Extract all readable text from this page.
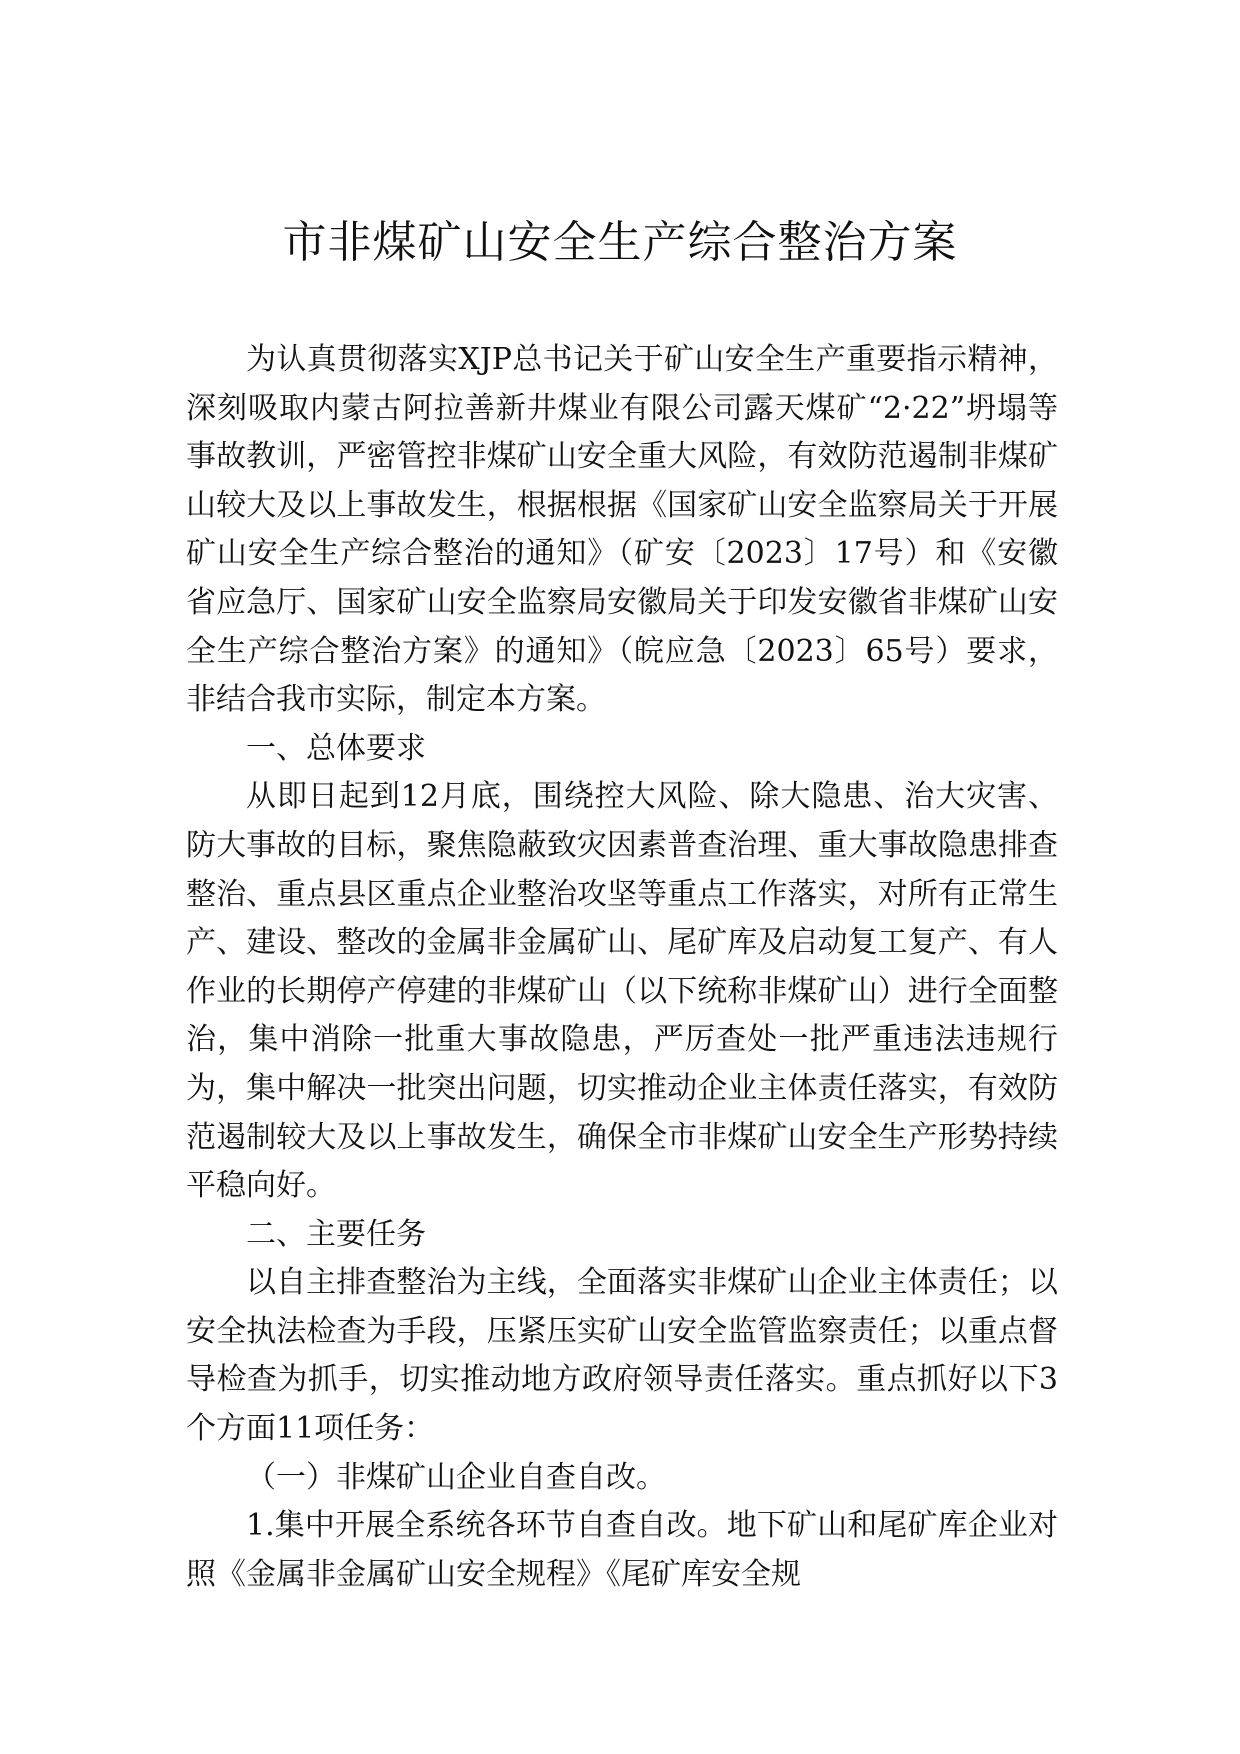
市非煤矿山安全生产综合整治方案

为认真贯彻落实XJP总书记关于矿山安全生产重要指示精神，深刻吸取内蒙古阿拉善新井煤业有限公司露天煤矿“2·22”坍塌等事故教训，严密管控非煤矿山安全重大风险，有效防范遏制非煤矿山较大及以上事故发生，根据根据《国家矿山安全监察局关于开展矿山安全生产综合整治的通知》（矿安〔2023〕17号）和《安徽省应急厅、国家矿山安全监察局安徽局关于印发安徽省非煤矿山安全生产综合整治方案》的通知》（皖应急〔2023〕65号）要求，非结合我市实际，制定本方案。

一、总体要求

从即日起到12月底，围绕控大风险、除大隐患、治大灾害、防大事故的目标，聚焦隐蔽致灾因素普查治理、重大事故隐患排查整治、重点县区重点企业整治攻坚等重点工作落实，对所有正常生产、建设、整改的金属非金属矿山、尾矿库及启动复工复产、有人作业的长期停产停建的非煤矿山（以下统称非煤矿山）进行全面整治，集中消除一批重大事故隐患，严厉查处一批严重违法违规行为，集中解决一批突出问题，切实推动企业主体责任落实，有效防范遏制较大及以上事故发生，确保全市非煤矿山安全生产形势持续平稳向好。

二、主要任务

以自主排查整治为主线，全面落实非煤矿山企业主体责任；以安全执法检查为手段，压紧压实矿山安全监管监察责任；以重点督导检查为抓手，切实推动地方政府领导责任落实。重点抓好以下3个方面11项任务：

（一）非煤矿山企业自查自改。

1.集中开展全系统各环节自查自改。地下矿山和尾矿库企业对照《金属非金属矿山安全规程》《尾矿库安全规
